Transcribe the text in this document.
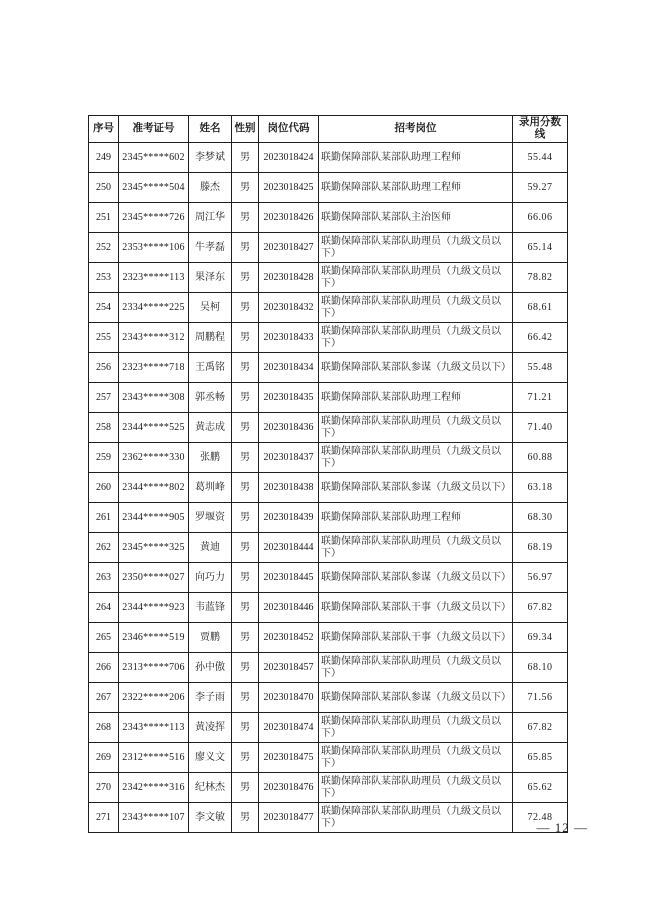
序号	准考证号	姓名	性别	岗位代码	招考岗位	录用分数线
249	2345*****602	李梦斌	男	2023018424	联勤保障部队某部队助理工程师	55.44
250	2345*****504	滕杰	男	2023018425	联勤保障部队某部队助理工程师	59.27
251	2345*****726	周江华	男	2023018426	联勤保障部队某部队主治医师	66.06
252	2353*****106	牛孝磊	男	2023018427	联勤保障部队某部队助理员（九级文员以下）	65.14
253	2323*****113	果泽东	男	2023018428	联勤保障部队某部队助理员（九级文员以下）	78.82
254	2334*****225	吴柯	男	2023018432	联勤保障部队某部队助理员（九级文员以下）	68.61
255	2343*****312	周鹏程	男	2023018433	联勤保障部队某部队助理员（九级文员以下）	66.42
256	2323*****718	王禹铭	男	2023018434	联勤保障部队某部队参谋（九级文员以下）	55.48
257	2343*****308	郭丞畅	男	2023018435	联勤保障部队某部队助理工程师	71.21
258	2344*****525	黄志成	男	2023018436	联勤保障部队某部队助理员（九级文员以下）	71.40
259	2362*****330	张鹏	男	2023018437	联勤保障部队某部队助理员（九级文员以下）	60.88
260	2344*****802	葛圳峰	男	2023018438	联勤保障部队某部队参谋（九级文员以下）	63.18
261	2344*****905	罗堰资	男	2023018439	联勤保障部队某部队助理工程师	68.30
262	2345*****325	黄迪	男	2023018444	联勤保障部队某部队助理员（九级文员以下）	68.19
263	2350*****027	向巧力	男	2023018445	联勤保障部队某部队参谋（九级文员以下）	56.97
264	2344*****923	韦蓝锋	男	2023018446	联勤保障部队某部队干事（九级文员以下）	67.82
265	2346*****519	贾鹏	男	2023018452	联勤保障部队某部队干事（九级文员以下）	69.34
266	2313*****706	孙中傲	男	2023018457	联勤保障部队某部队助理员（九级文员以下）	68.10
267	2322*****206	李子雨	男	2023018470	联勤保障部队某部队参谋（九级文员以下）	71.56
268	2343*****113	黄凌挥	男	2023018474	联勤保障部队某部队助理员（九级文员以下）	67.82
269	2312*****516	廖义文	男	2023018475	联勤保障部队某部队助理员（九级文员以下）	65.85
270	2342*****316	纪林杰	男	2023018476	联勤保障部队某部队助理员（九级文员以下）	65.62
271	2343*****107	李文敏	男	2023018477	联勤保障部队某部队助理员（九级文员以下）	72.48
— 12 —
